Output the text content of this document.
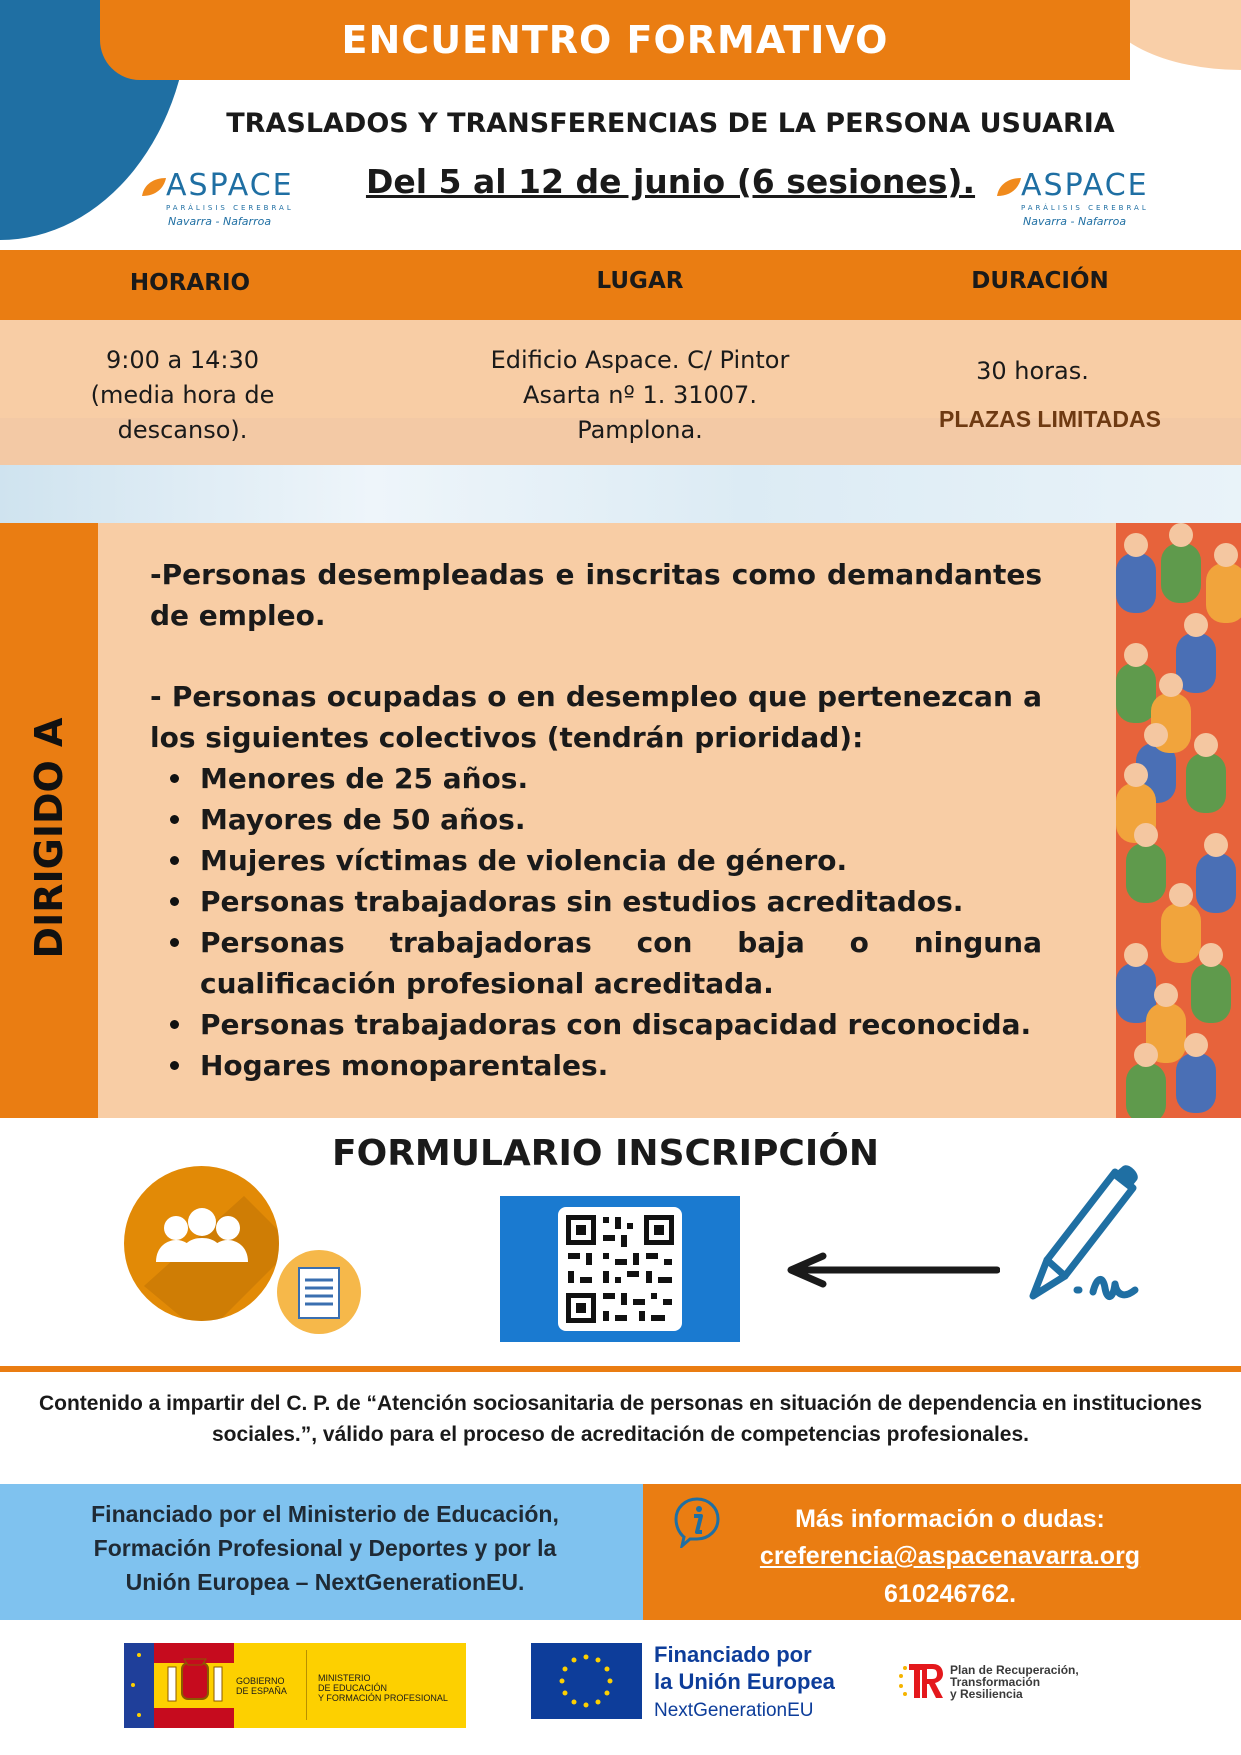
ENCUENTRO FORMATIVO
TRASLADOS Y TRANSFERENCIAS DE LA PERSONA USUARIA
Del 5 al 12 de junio (6 sesiones).
ASPACE
PARÁLISIS CEREBRAL
Navarra - Nafarroa
ASPACE
PARÁLISIS CEREBRAL
Navarra - Nafarroa
HORARIO	LUGAR	DURACIÓN
9:00 a 14:30
(media hora de
descanso).
Edificio Aspace. C/ Pintor
Asarta nº 1. 31007.
Pamplona.
30 horas.
PLAZAS LIMITADAS
DIRIGIDO A
-Personas desempleadas e inscritas como demandantes de empleo.
- Personas ocupadas o en desempleo que pertenezcan a los siguientes colectivos (tendrán prioridad):
Menores de 25 años.
Mayores de 50 años.
Mujeres víctimas de violencia de género.
Personas trabajadoras sin estudios acreditados.
Personas trabajadoras con baja o ninguna cualificación profesional acreditada.
Personas trabajadoras con discapacidad reconocida.
Hogares monoparentales.
FORMULARIO INSCRIPCIÓN
Contenido a impartir del C. P. de “Atención sociosanitaria de personas en situación de dependencia en instituciones sociales.”, válido para el proceso de acreditación de competencias profesionales.
Financiado por el Ministerio de Educación,
Formación Profesional y Deportes y por la
Unión Europea – NextGenerationEU.
Más información o dudas:
creferencia@aspacenavarra.org
610246762.
GOBIERNO
DE ESPAÑA
MINISTERIO
DE EDUCACIÓN
Y FORMACIÓN PROFESIONAL
Financiado por
la Unión Europea
NextGenerationEU
Plan de Recuperación,
Transformación
y Resiliencia
